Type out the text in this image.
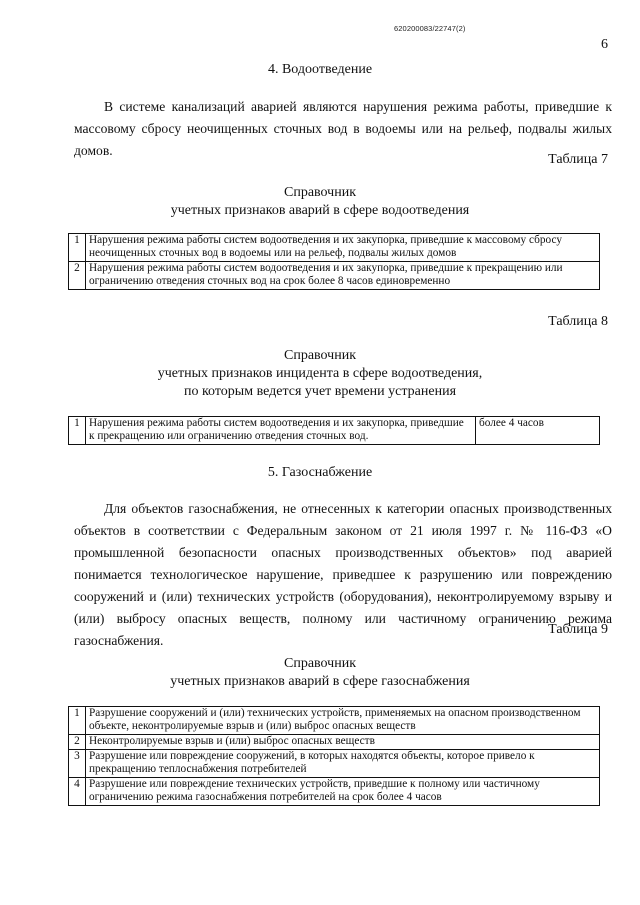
620200083/22747(2)
6
4. Водоотведение
В системе канализаций аварией являются нарушения режима работы, приведшие к массовому сбросу неочищенных сточных вод в водоемы или на рельеф, подвалы жилых домов.
Таблица 7
Справочник
учетных признаков аварий в сфере водоотведения
1	Нарушения режима работы систем водоотведения и их закупорка, приведшие к массовому сбросу неочищенных сточных вод в водоемы или на рельеф, подвалы жилых домов
2	Нарушения режима работы систем водоотведения и их закупорка, приведшие к прекращению или ограничению отведения сточных вод на срок более 8 часов единовременно
Таблица 8
Справочник
учетных признаков инцидента в сфере водоотведения,
по которым ведется учет времени устранения
1	Нарушения режима работы систем водоотведения и их закупорка, приведшие к прекращению или ограничению отведения сточных вод.	более 4 часов
5. Газоснабжение
Для объектов газоснабжения, не отнесенных к категории опасных производственных объектов в соответствии с Федеральным законом от 21 июля 1997 г. № 116-ФЗ «О промышленной безопасности опасных производственных объектов» под аварией понимается технологическое нарушение, приведшее к разрушению или повреждению сооружений и (или) технических устройств (оборудования), неконтролируемому взрыву и (или) выбросу опасных веществ, полному или частичному ограничению режима газоснабжения.
Таблица 9
Справочник
учетных признаков аварий в сфере газоснабжения
1	Разрушение сооружений и (или) технических устройств, применяемых на опасном производственном объекте, неконтролируемые взрыв и (или) выброс опасных веществ
2	Неконтролируемые взрыв и (или) выброс опасных веществ
3	Разрушение или повреждение сооружений, в которых находятся объекты, которое привело к прекращению теплоснабжения потребителей
4	Разрушение или повреждение технических устройств, приведшие к полному или частичному ограничению режима газоснабжения потребителей на срок более 4 часов
